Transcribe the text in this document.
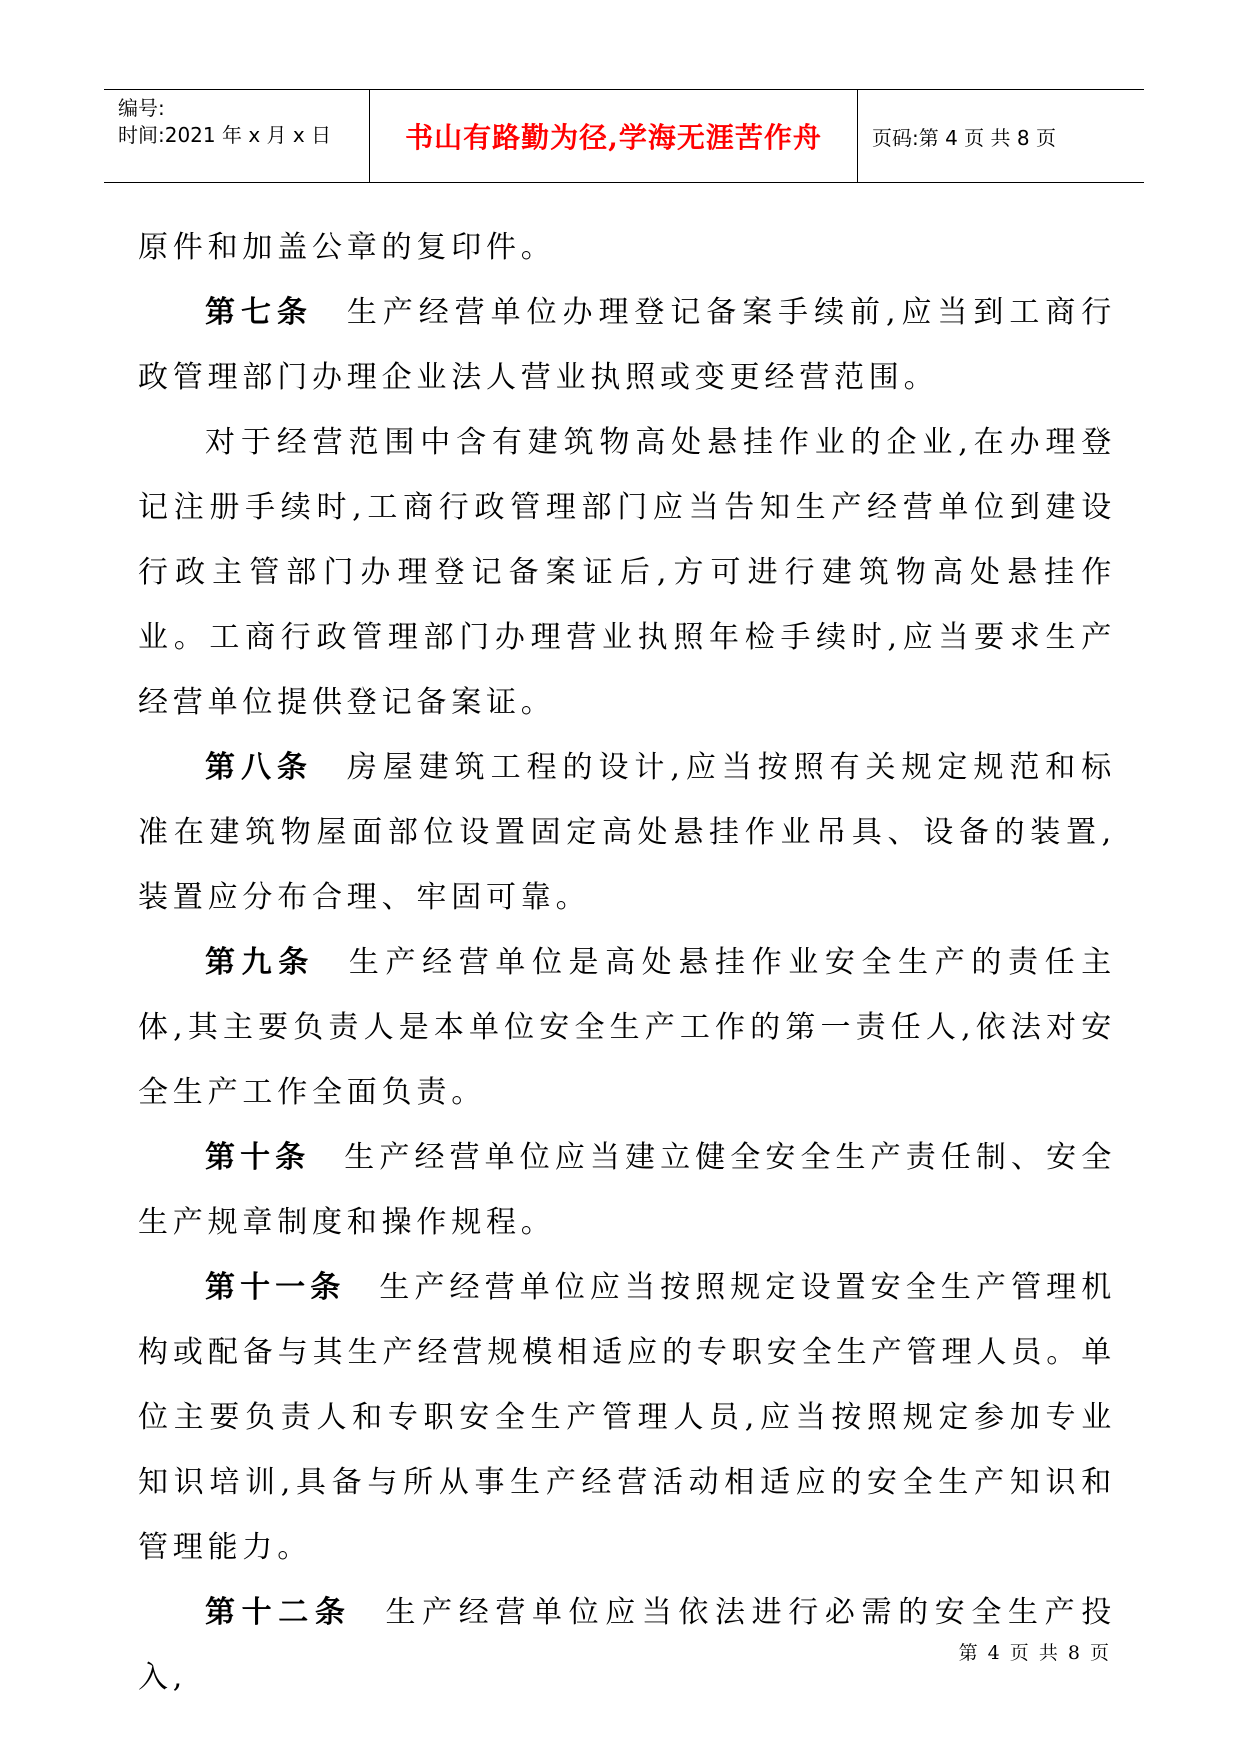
编号:
时间:2021 年 x 月 x 日	书山有路勤为径,学海无涯苦作舟	页码:第 4 页 共 8 页

原件和加盖公章的复印件。

第七条 生产经营单位办理登记备案手续前,应当到工商行政管理部门办理企业法人营业执照或变更经营范围。

对于经营范围中含有建筑物高处悬挂作业的企业,在办理登记注册手续时,工商行政管理部门应当告知生产经营单位到建设行政主管部门办理登记备案证后,方可进行建筑物高处悬挂作业。工商行政管理部门办理营业执照年检手续时,应当要求生产经营单位提供登记备案证。

第八条 房屋建筑工程的设计,应当按照有关规定规范和标准在建筑物屋面部位设置固定高处悬挂作业吊具、设备的装置,装置应分布合理、牢固可靠。

第九条 生产经营单位是高处悬挂作业安全生产的责任主体,其主要负责人是本单位安全生产工作的第一责任人,依法对安全生产工作全面负责。

第十条 生产经营单位应当建立健全安全生产责任制、安全生产规章制度和操作规程。

第十一条 生产经营单位应当按照规定设置安全生产管理机构或配备与其生产经营规模相适应的专职安全生产管理人员。单位主要负责人和专职安全生产管理人员,应当按照规定参加专业知识培训,具备与所从事生产经营活动相适应的安全生产知识和管理能力。

第十二条 生产经营单位应当依法进行必需的安全生产投入,

第 4 页 共 8 页
